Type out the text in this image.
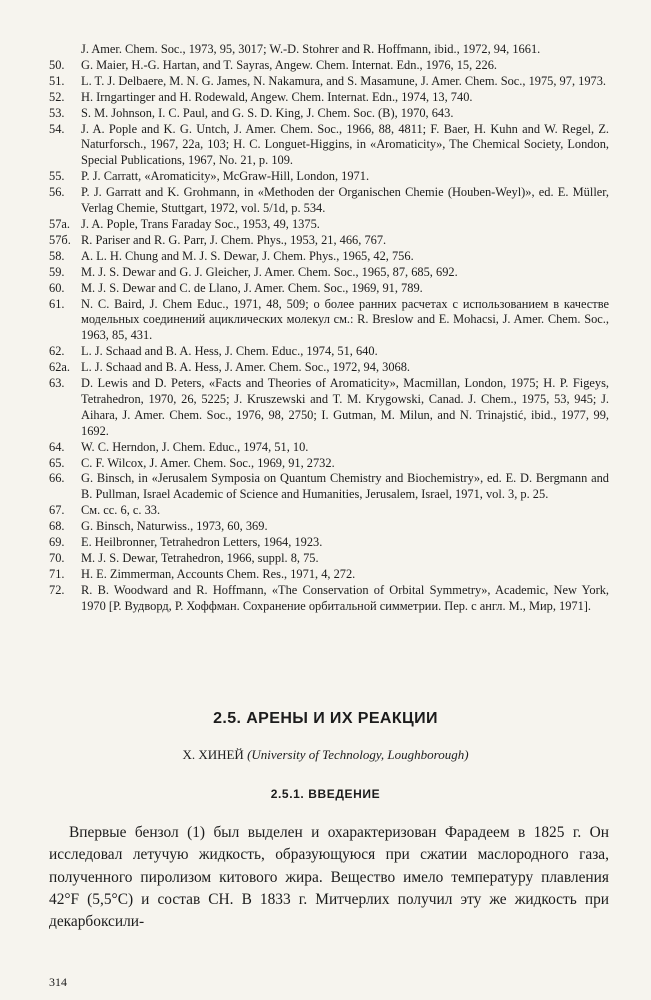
J. Amer. Chem. Soc., 1973, 95, 3017; W.-D. Stohrer and R. Hoffmann, ibid., 1972, 94, 1661.
50.	G. Maier, H.-G. Hartan, and T. Sayras, Angew. Chem. Internat. Edn., 1976, 15, 226.
51.	L. T. J. Delbaere, M. N. G. James, N. Nakamura, and S. Masamune, J. Amer. Chem. Soc., 1975, 97, 1973.
52.	H. Irngartinger and H. Rodewald, Angew. Chem. Internat. Edn., 1974, 13, 740.
53.	S. M. Johnson, I. C. Paul, and G. S. D. King, J. Chem. Soc. (B), 1970, 643.
54.	J. A. Pople and K. G. Untch, J. Amer. Chem. Soc., 1966, 88, 4811; F. Baer, H. Kuhn and W. Regel, Z. Naturforsch., 1967, 22a, 103; H. C. Longuet-Higgins, in «Aromaticity», The Chemical Society, London, Special Publications, 1967, No. 21, p. 109.
55.	P. J. Carratt, «Aromaticity», McGraw-Hill, London, 1971.
56.	P. J. Garratt and K. Grohmann, in «Methoden der Organischen Chemie (Houben-Weyl)», ed. E. Müller, Verlag Chemie, Stuttgart, 1972, vol. 5/1d, p. 534.
57a. J. A. Pople, Trans Faraday Soc., 1953, 49, 1375.
57б. R. Pariser and R. G. Parr, J. Chem. Phys., 1953, 21, 466, 767.
58.	A. L. H. Chung and M. J. S. Dewar, J. Chem. Phys., 1965, 42, 756.
59.	M. J. S. Dewar and G. J. Gleicher, J. Amer. Chem. Soc., 1965, 87, 685, 692.
60.	M. J. S. Dewar and C. de Llano, J. Amer. Chem. Soc., 1969, 91, 789.
61.	N. C. Baird, J. Chem Educ., 1971, 48, 509; о более ранних расчетах с использованием в качестве модельных соединений ациклических молекул см.: R. Breslow and E. Mohacsi, J. Amer. Chem. Soc., 1963, 85, 431.
62.	L. J. Schaad and B. A. Hess, J. Chem. Educ., 1974, 51, 640.
62a. L. J. Schaad and B. A. Hess, J. Amer. Chem. Soc., 1972, 94, 3068.
63.	D. Lewis and D. Peters, «Facts and Theories of Aromaticity», Macmillan, London, 1975; H. P. Figeys, Tetrahedron, 1970, 26, 5225; J. Kruszewski and T. M. Krygowski, Canad. J. Chem., 1975, 53, 945; J. Aihara, J. Amer. Chem. Soc., 1976, 98, 2750; I. Gutman, M. Milun, and N. Trinajstić, ibid., 1977, 99, 1692.
64.	W. C. Herndon, J. Chem. Educ., 1974, 51, 10.
65.	C. F. Wilcox, J. Amer. Chem. Soc., 1969, 91, 2732.
66.	G. Binsch, in «Jerusalem Symposia on Quantum Chemistry and Biochemistry», ed. E. D. Bergmann and B. Pullman, Israel Academic of Science and Humanities, Jerusalem, Israel, 1971, vol. 3, p. 25.
67.	См. сс. 6, с. 33.
68.	G. Binsch, Naturwiss., 1973, 60, 369.
69.	E. Heilbronner, Tetrahedron Letters, 1964, 1923.
70.	M. J. S. Dewar, Tetrahedron, 1966, suppl. 8, 75.
71.	H. E. Zimmerman, Accounts Chem. Res., 1971, 4, 272.
72.	R. B. Woodward and R. Hoffmann, «The Conservation of Orbital Symmetry», Academic, New York, 1970 [Р. Вудворд, Р. Хоффман. Сохранение орбитальной симметрии. Пер. с англ. М., Мир, 1971].
2.5. АРЕНЫ И ИХ РЕАКЦИИ
Х. ХИНЕЙ (University of Technology, Loughborough)
2.5.1. ВВЕДЕНИЕ

Впервые бензол (1) был выделен и охарактеризован Фарадеем в 1825 г. Он исследовал летучую жидкость, образующуюся при сжатии маслородного газа, полученного пиролизом китового жира. Вещество имело температуру плавления 42°F (5,5°С) и состав СН. В 1833 г. Митчерлих получил эту же жидкость при декарбоксили-

314
